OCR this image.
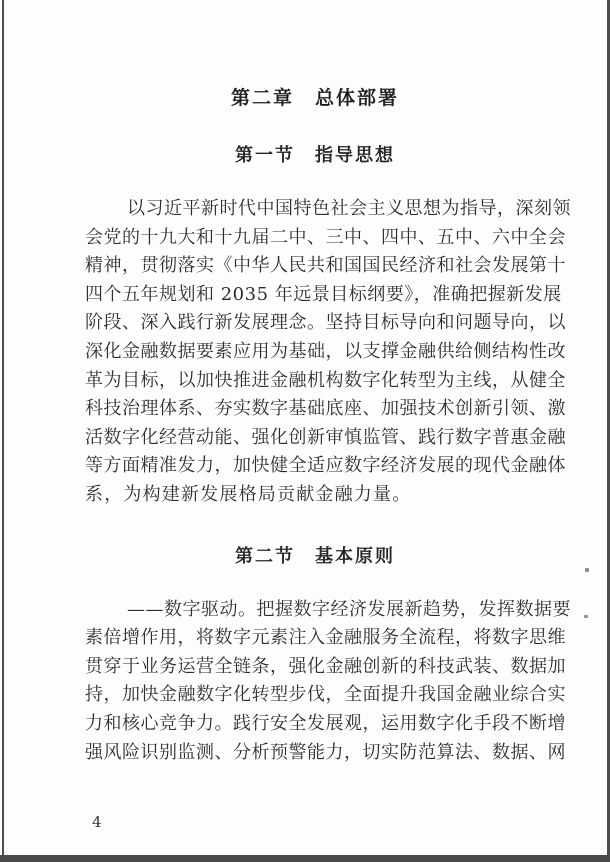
第二章　总体部署
第一节　指导思想
以习近平新时代中国特色社会主义思想为指导，深刻领
会党的十九大和十九届二中、三中、四中、五中、六中全会
精神，贯彻落实《中华人民共和国国民经济和社会发展第十
四个五年规划和 2035 年远景目标纲要》，准确把握新发展
阶段、深入践行新发展理念。坚持目标导向和问题导向，以
深化金融数据要素应用为基础，以支撑金融供给侧结构性改
革为目标，以加快推进金融机构数字化转型为主线，从健全
科技治理体系、夯实数字基础底座、加强技术创新引领、激
活数字化经营动能、强化创新审慎监管、践行数字普惠金融
等方面精准发力，加快健全适应数字经济发展的现代金融体
系，为构建新发展格局贡献金融力量。
第二节　基本原则
——数字驱动。把握数字经济发展新趋势，发挥数据要
素倍增作用，将数字元素注入金融服务全流程，将数字思维
贯穿于业务运营全链条，强化金融创新的科技武装、数据加
持，加快金融数字化转型步伐，全面提升我国金融业综合实
力和核心竞争力。践行安全发展观，运用数字化手段不断增
强风险识别监测、分析预警能力，切实防范算法、数据、网
4
